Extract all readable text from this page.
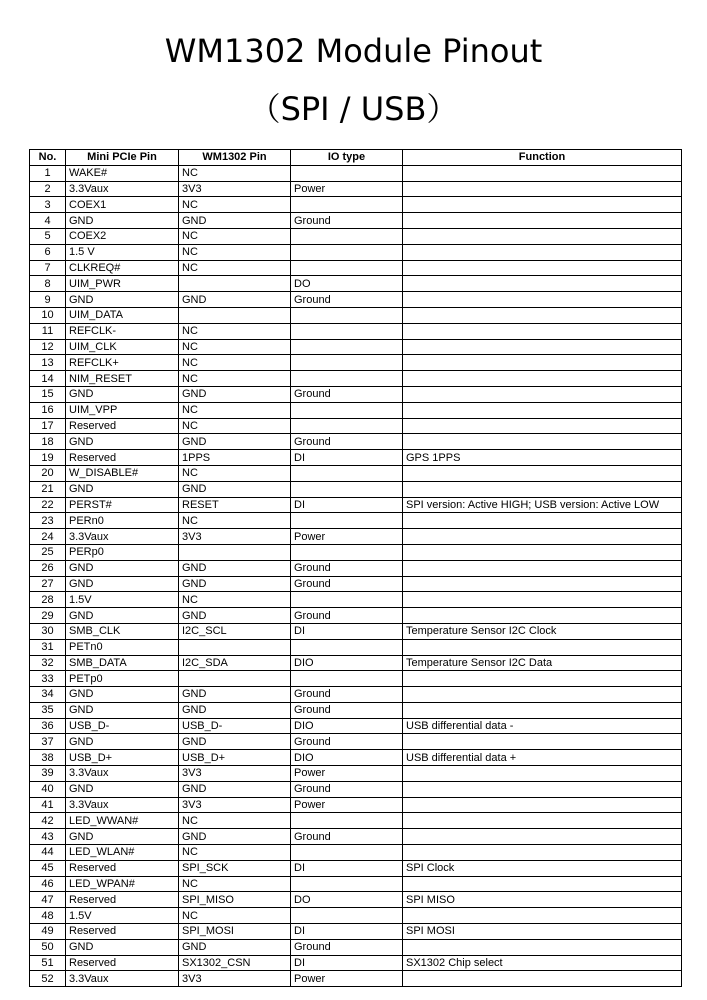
WM1302 Module Pinout
（SPI / USB）
No.	Mini PCIe Pin	WM1302 Pin	IO type	Function
1	WAKE#	NC		
2	3.3Vaux	3V3	Power	
3	COEX1	NC		
4	GND	GND	Ground	
5	COEX2	NC		
6	1.5 V	NC		
7	CLKREQ#	NC		
8	UIM_PWR		DO	
9	GND	GND	Ground	
10	UIM_DATA			
11	REFCLK-	NC		
12	UIM_CLK	NC		
13	REFCLK+	NC		
14	NIM_RESET	NC		
15	GND	GND	Ground	
16	UIM_VPP	NC		
17	Reserved	NC		
18	GND	GND	Ground	
19	Reserved	1PPS	DI	GPS 1PPS
20	W_DISABLE#	NC		
21	GND	GND		
22	PERST#	RESET	DI	SPI version: Active HIGH; USB version: Active LOW
23	PERn0	NC		
24	3.3Vaux	3V3	Power	
25	PERp0			
26	GND	GND	Ground	
27	GND	GND	Ground	
28	1.5V	NC		
29	GND	GND	Ground	
30	SMB_CLK	I2C_SCL	DI	Temperature Sensor I2C Clock
31	PETn0			
32	SMB_DATA	I2C_SDA	DIO	Temperature Sensor I2C Data
33	PETp0			
34	GND	GND	Ground	
35	GND	GND	Ground	
36	USB_D-	USB_D-	DIO	USB differential data -
37	GND	GND	Ground	
38	USB_D+	USB_D+	DIO	USB differential data +
39	3.3Vaux	3V3	Power	
40	GND	GND	Ground	
41	3.3Vaux	3V3	Power	
42	LED_WWAN#	NC		
43	GND	GND	Ground	
44	LED_WLAN#	NC		
45	Reserved	SPI_SCK	DI	SPI Clock
46	LED_WPAN#	NC		
47	Reserved	SPI_MISO	DO	SPI MISO
48	1.5V	NC		
49	Reserved	SPI_MOSI	DI	SPI MOSI
50	GND	GND	Ground	
51	Reserved	SX1302_CSN	DI	SX1302 Chip select
52	3.3Vaux	3V3	Power	
